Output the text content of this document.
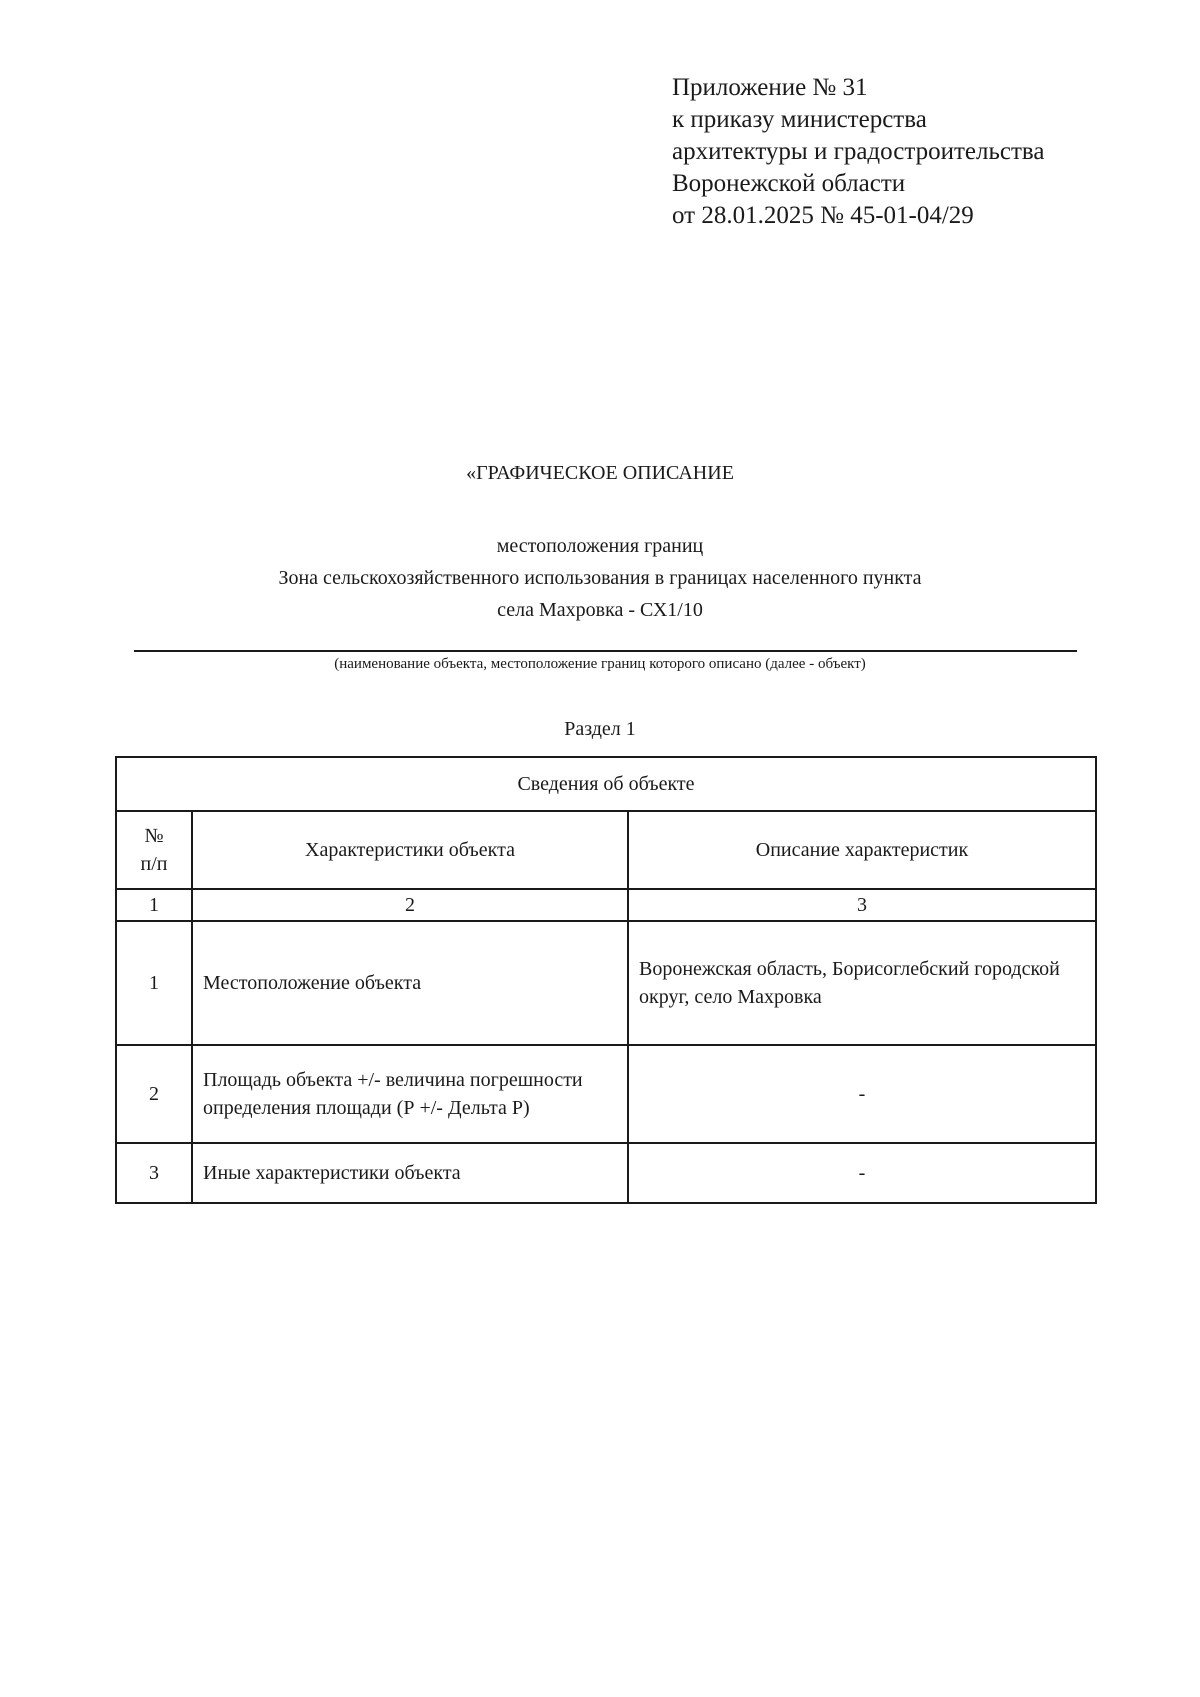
Приложение № 31
к приказу министерства
архитектуры и градостроительства
Воронежской области
от 28.01.2025 № 45-01-04/29
«ГРАФИЧЕСКОЕ ОПИСАНИЕ
местоположения границ
Зона сельскохозяйственного использования в границах населенного пункта
села Махровка - СХ1/10
(наименование объекта, местоположение границ которого описано (далее - объект)
Раздел 1
Сведения об объекте		

№
п/п	Характеристики объекта	Описание характеристик
1	2	3
1	Местоположение объекта	Воронежская область, Борисоглебский городской округ, село Махровка
2	Площадь объекта +/- величина погрешности определения площади (Р +/- Дельта Р)	-
3	Иные характеристики объекта	-
